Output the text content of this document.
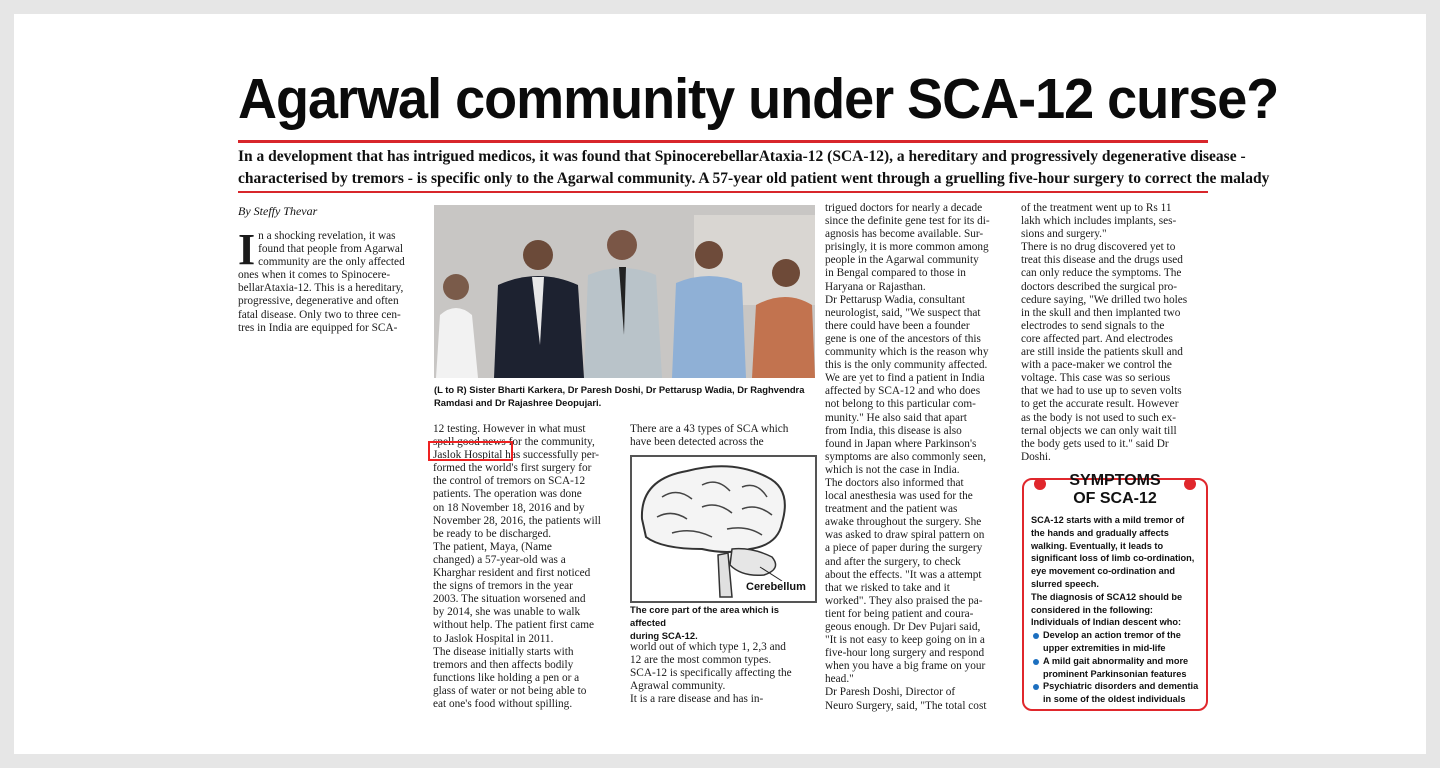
Agarwal community under SCA-12 curse?
In a development that has intrigued medicos, it was found that SpinocerebellarAtaxia-12 (SCA-12), a hereditary and progressively degenerative disease -
characterised by tremors - is specific only to the Agarwal community. A 57-year old patient went through a gruelling five-hour surgery to correct the malady
By Steffy Thevar
I n a shocking revelation, it was
found that people from Agarwal
community are the only affected
ones when it comes to Spinocere-
bellarAtaxia-12. This is a hereditary,
progressive, degenerative and often
fatal disease. Only two to three cen-
tres in India are equipped for SCA-
(L to R) Sister Bharti Karkera, Dr Paresh Doshi, Dr Pettarusp Wadia, Dr Raghvendra
Ramdasi and Dr Rajashree Deopujari.
12 testing. However in what must
spell good news for the community,
Jaslok Hospital has successfully per-
formed the world's first surgery for
the control of tremors on SCA-12
patients. The operation was done
on 18 November 18, 2016 and by
November 28, 2016, the patients will
be ready to be discharged.
The patient, Maya, (Name
changed) a 57-year-old was a
Kharghar resident and first noticed
the signs of tremors in the year
2003. The situation worsened and
by 2014, she was unable to walk
without help. The patient first came
to Jaslok Hospital in 2011.
The disease initially starts with
tremors and then affects bodily
functions like holding a pen or a
glass of water or not being able to
eat one's food without spilling.
There are a 43 types of SCA which
have been detected across the
Cerebellum
The core part of the area which is affected
during SCA-12.
world out of which type 1, 2,3 and
12 are the most common types.
SCA-12 is specifically affecting the
Agrawal community.
It is a rare disease and has in-
trigued doctors for nearly a decade
since the definite gene test for its di-
agnosis has become available. Sur-
prisingly, it is more common among
people in the Agarwal community
in Bengal compared to those in
Haryana or Rajasthan.
Dr Pettarusp Wadia, consultant
neurologist, said, "We suspect that
there could have been a founder
gene is one of the ancestors of this
community which is the reason why
this is the only community affected.
We are yet to find a patient in India
affected by SCA-12 and who does
not belong to this particular com-
munity." He also said that apart
from India, this disease is also
found in Japan where Parkinson's
symptoms are also commonly seen,
which is not the case in India.
The doctors also informed that
local anesthesia was used for the
treatment and the patient was
awake throughout the surgery. She
was asked to draw spiral pattern on
a piece of paper during the surgery
and after the surgery, to check
about the effects. "It was a attempt
that we risked to take and it
worked". They also praised the pa-
tient for being patient and coura-
geous enough. Dr Dev Pujari said,
"It is not easy to keep going on in a
five-hour long surgery and respond
when you have a big frame on your
head."
Dr Paresh Doshi, Director of
Neuro Surgery, said, "The total cost
of the treatment went up to Rs 11
lakh which includes implants, ses-
sions and surgery."
There is no drug discovered yet to
treat this disease and the drugs used
can only reduce the symptoms. The
doctors described the surgical pro-
cedure saying, "We drilled two holes
in the skull and then implanted two
electrodes to send signals to the
core affected part. And electrodes
are still inside the patients skull and
with a pace-maker we control the
voltage. This case was so serious
that we had to use up to seven volts
to get the accurate result. However
as the body is not used to such ex-
ternal objects we can only wait till
the body gets used to it." said Dr
Doshi.
SYMPTOMS
OF SCA-12
SCA-12 starts with a mild tremor of
the hands and gradually affects
walking. Eventually, it leads to
significant loss of limb co-ordination,
eye movement co-ordination and
slurred speech.
The diagnosis of SCA12 should be
considered in the following:
Individuals of Indian descent who:
Develop an action tremor of the
upper extremities in mid-life
A mild gait abnormality and more
prominent Parkinsonian features
Psychiatric disorders and dementia
in some of the oldest individuals
